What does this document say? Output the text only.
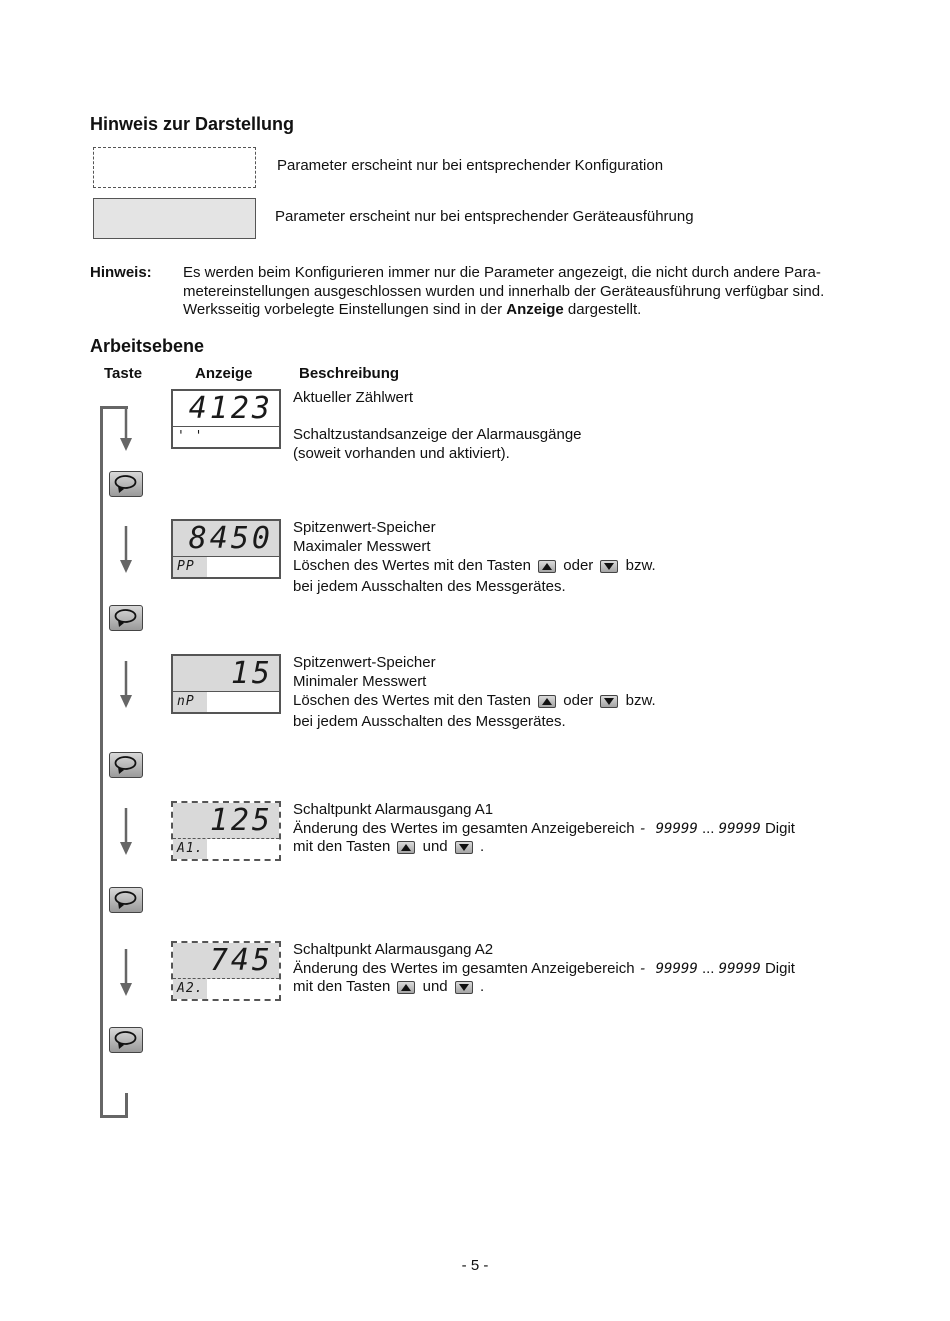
Hinweis zur Darstellung
Parameter erscheint nur bei entsprechender Konfiguration
Parameter erscheint nur bei entsprechender Geräteausführung
Hinweis: Es werden beim Konfigurieren immer nur die Parameter angezeigt, die nicht durch andere Para-
metereinstellungen ausgeschlossen wurden und innerhalb der Geräteausführung verfügbar sind.
Werksseitig vorbelegte Einstellungen sind in der Anzeige dargestellt.
Arbeitsebene
Taste	Anzeige	Beschreibung
4123
' '
Aktueller Zählwert
Schaltzustandsanzeige der Alarmausgänge
(soweit vorhanden und aktiviert).
8450
PP
Spitzenwert-Speicher
Maximaler Messwert
Löschen des Wertes mit den Tasten oder bzw.
bei jedem Ausschalten des Messgerätes.
15
nP
Spitzenwert-Speicher
Minimaler Messwert
Löschen des Wertes mit den Tasten oder bzw.
bei jedem Ausschalten des Messgerätes.
125
A1.
Schaltpunkt Alarmausgang A1
Änderung des Wertes im gesamten Anzeigebereich - 99999 ... 99999 Digit
mit den Tasten und .
745
A2.
Schaltpunkt Alarmausgang A2
Änderung des Wertes im gesamten Anzeigebereich - 99999 ... 99999 Digit
mit den Tasten und .
- 5 -
